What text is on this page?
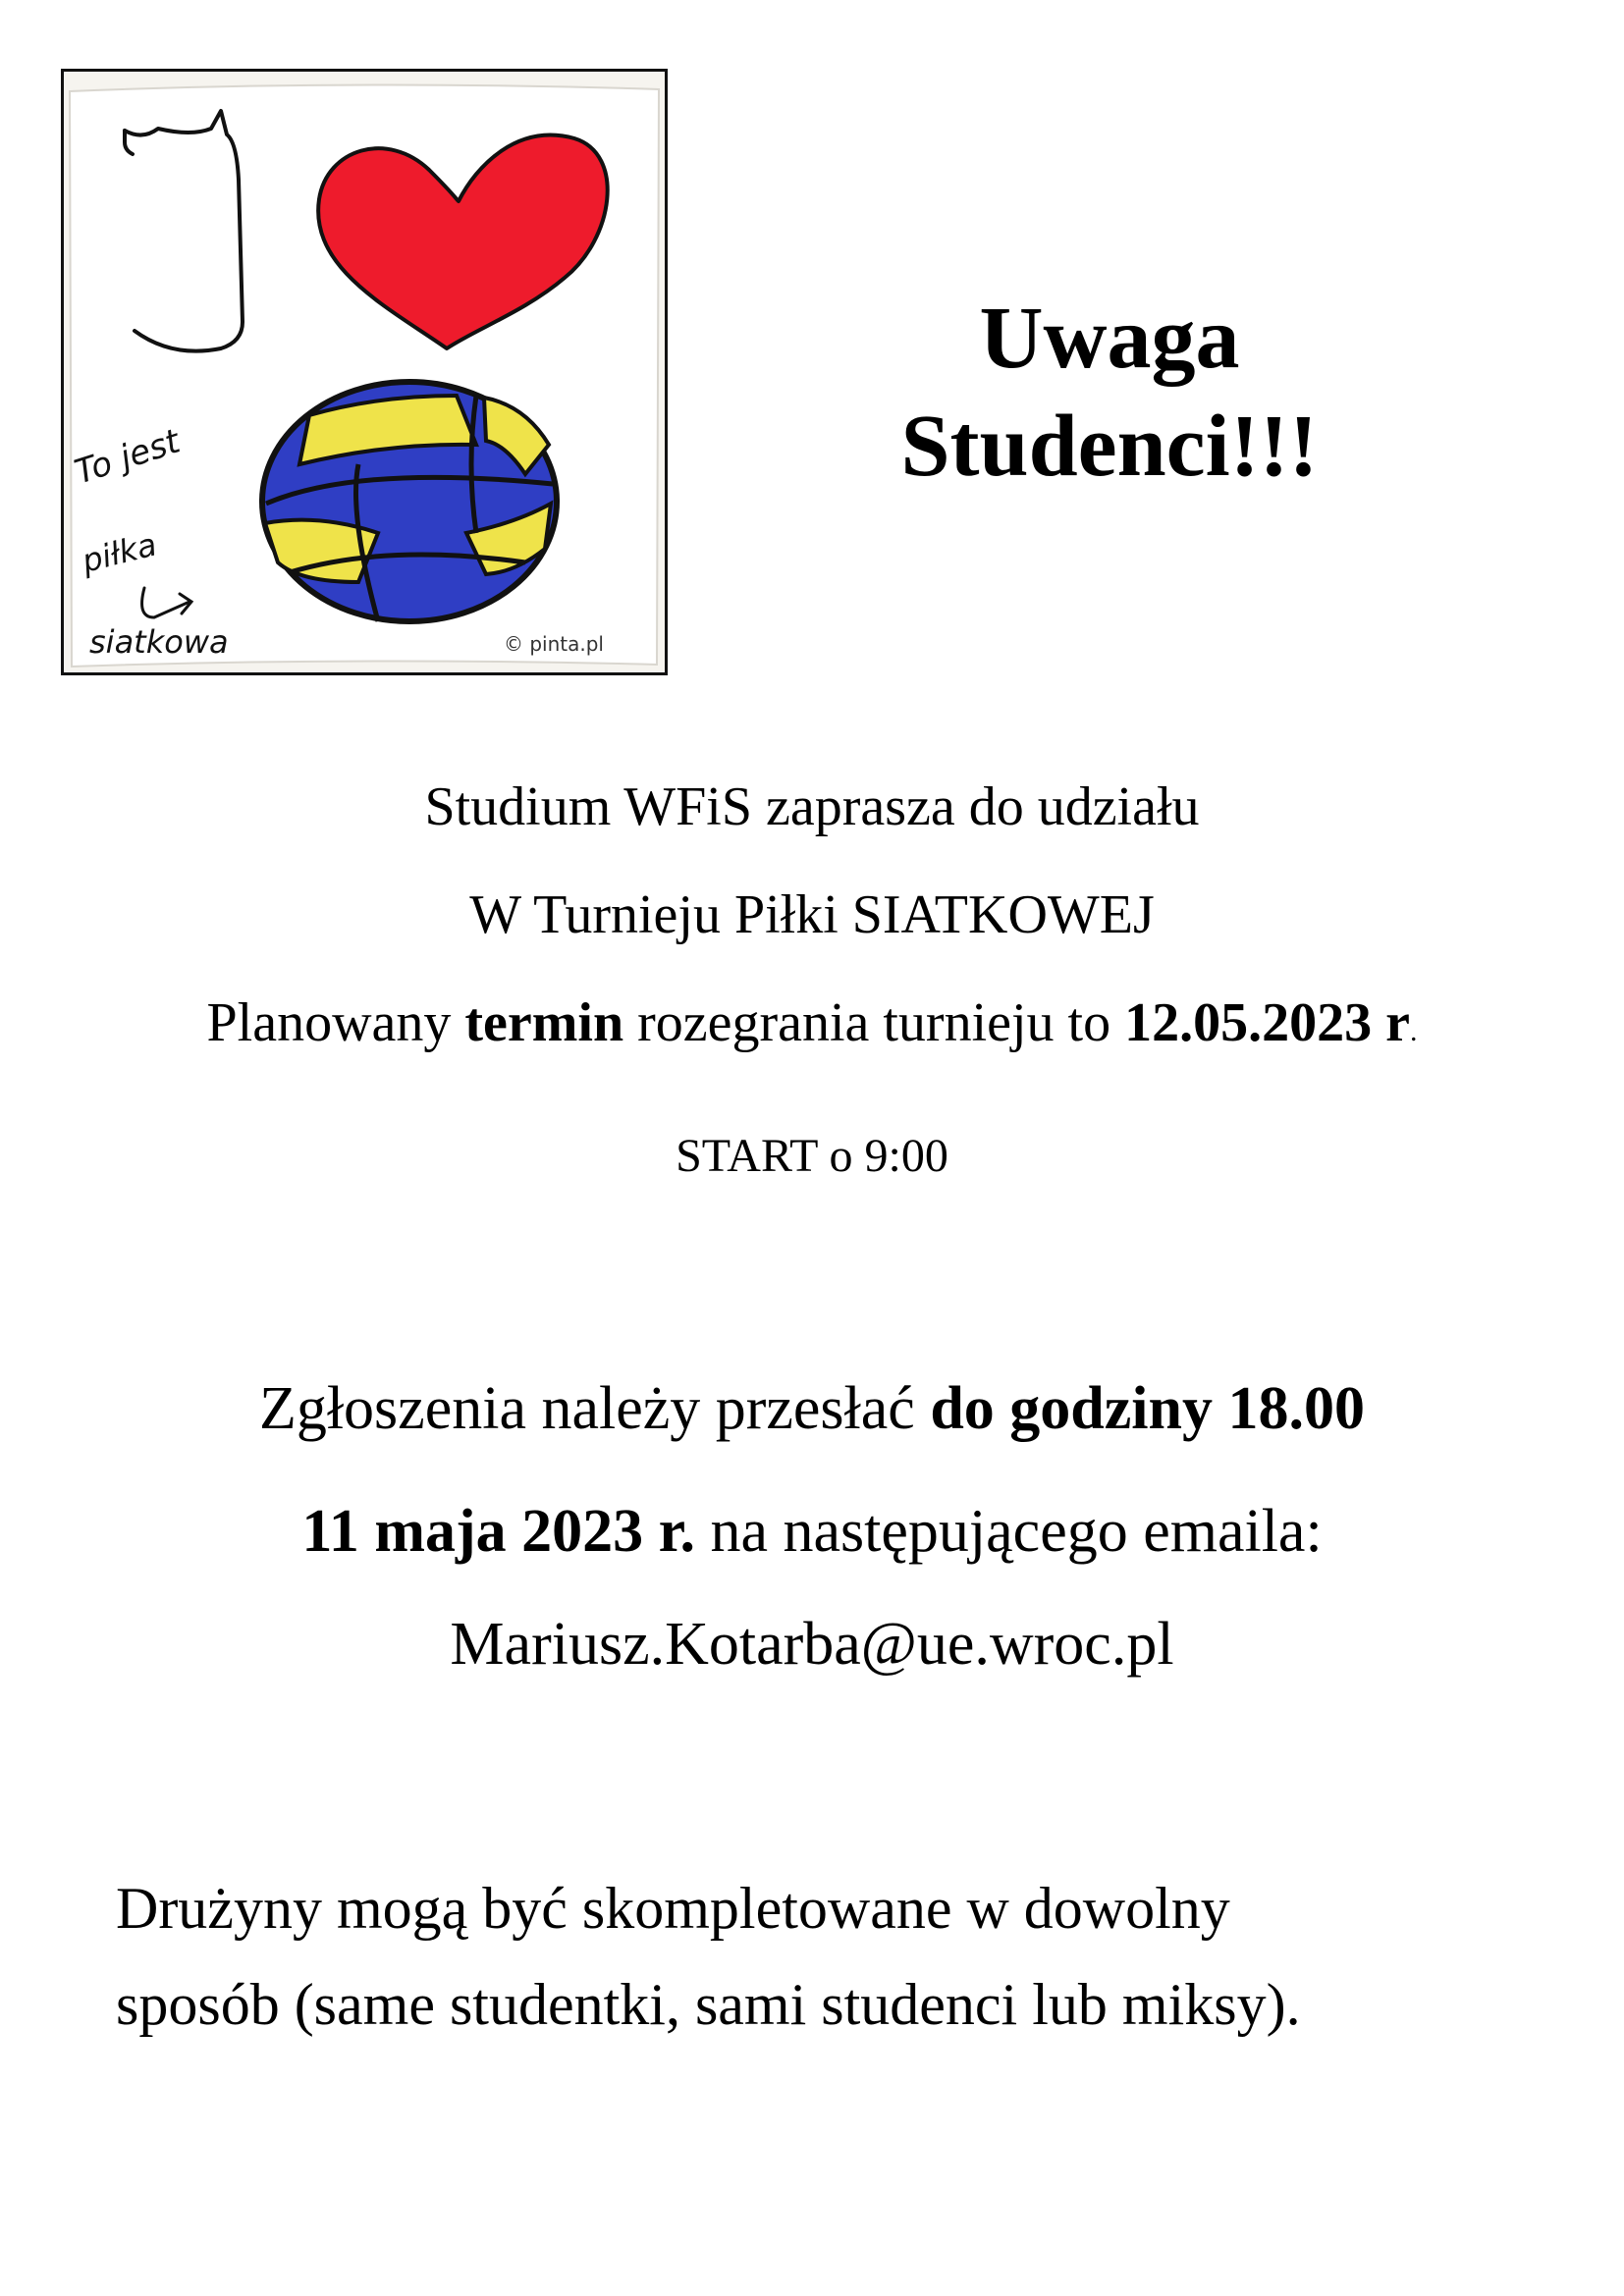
To jest
piłka
siatkowa	© pinta.pl
Uwaga
Studenci!!!
Studium WFiS zaprasza do udziału
W Turnieju Piłki SIATKOWEJ
Planowany termin rozegrania turnieju to 12.05.2023 r.
START o 9:00
Zgłoszenia należy przesłać do godziny 18.00
11 maja 2023 r. na następującego emaila:
Mariusz.Kotarba@ue.wroc.pl
Drużyny mogą być skompletowane w dowolny
sposób (same studentki, sami studenci lub miksy).
